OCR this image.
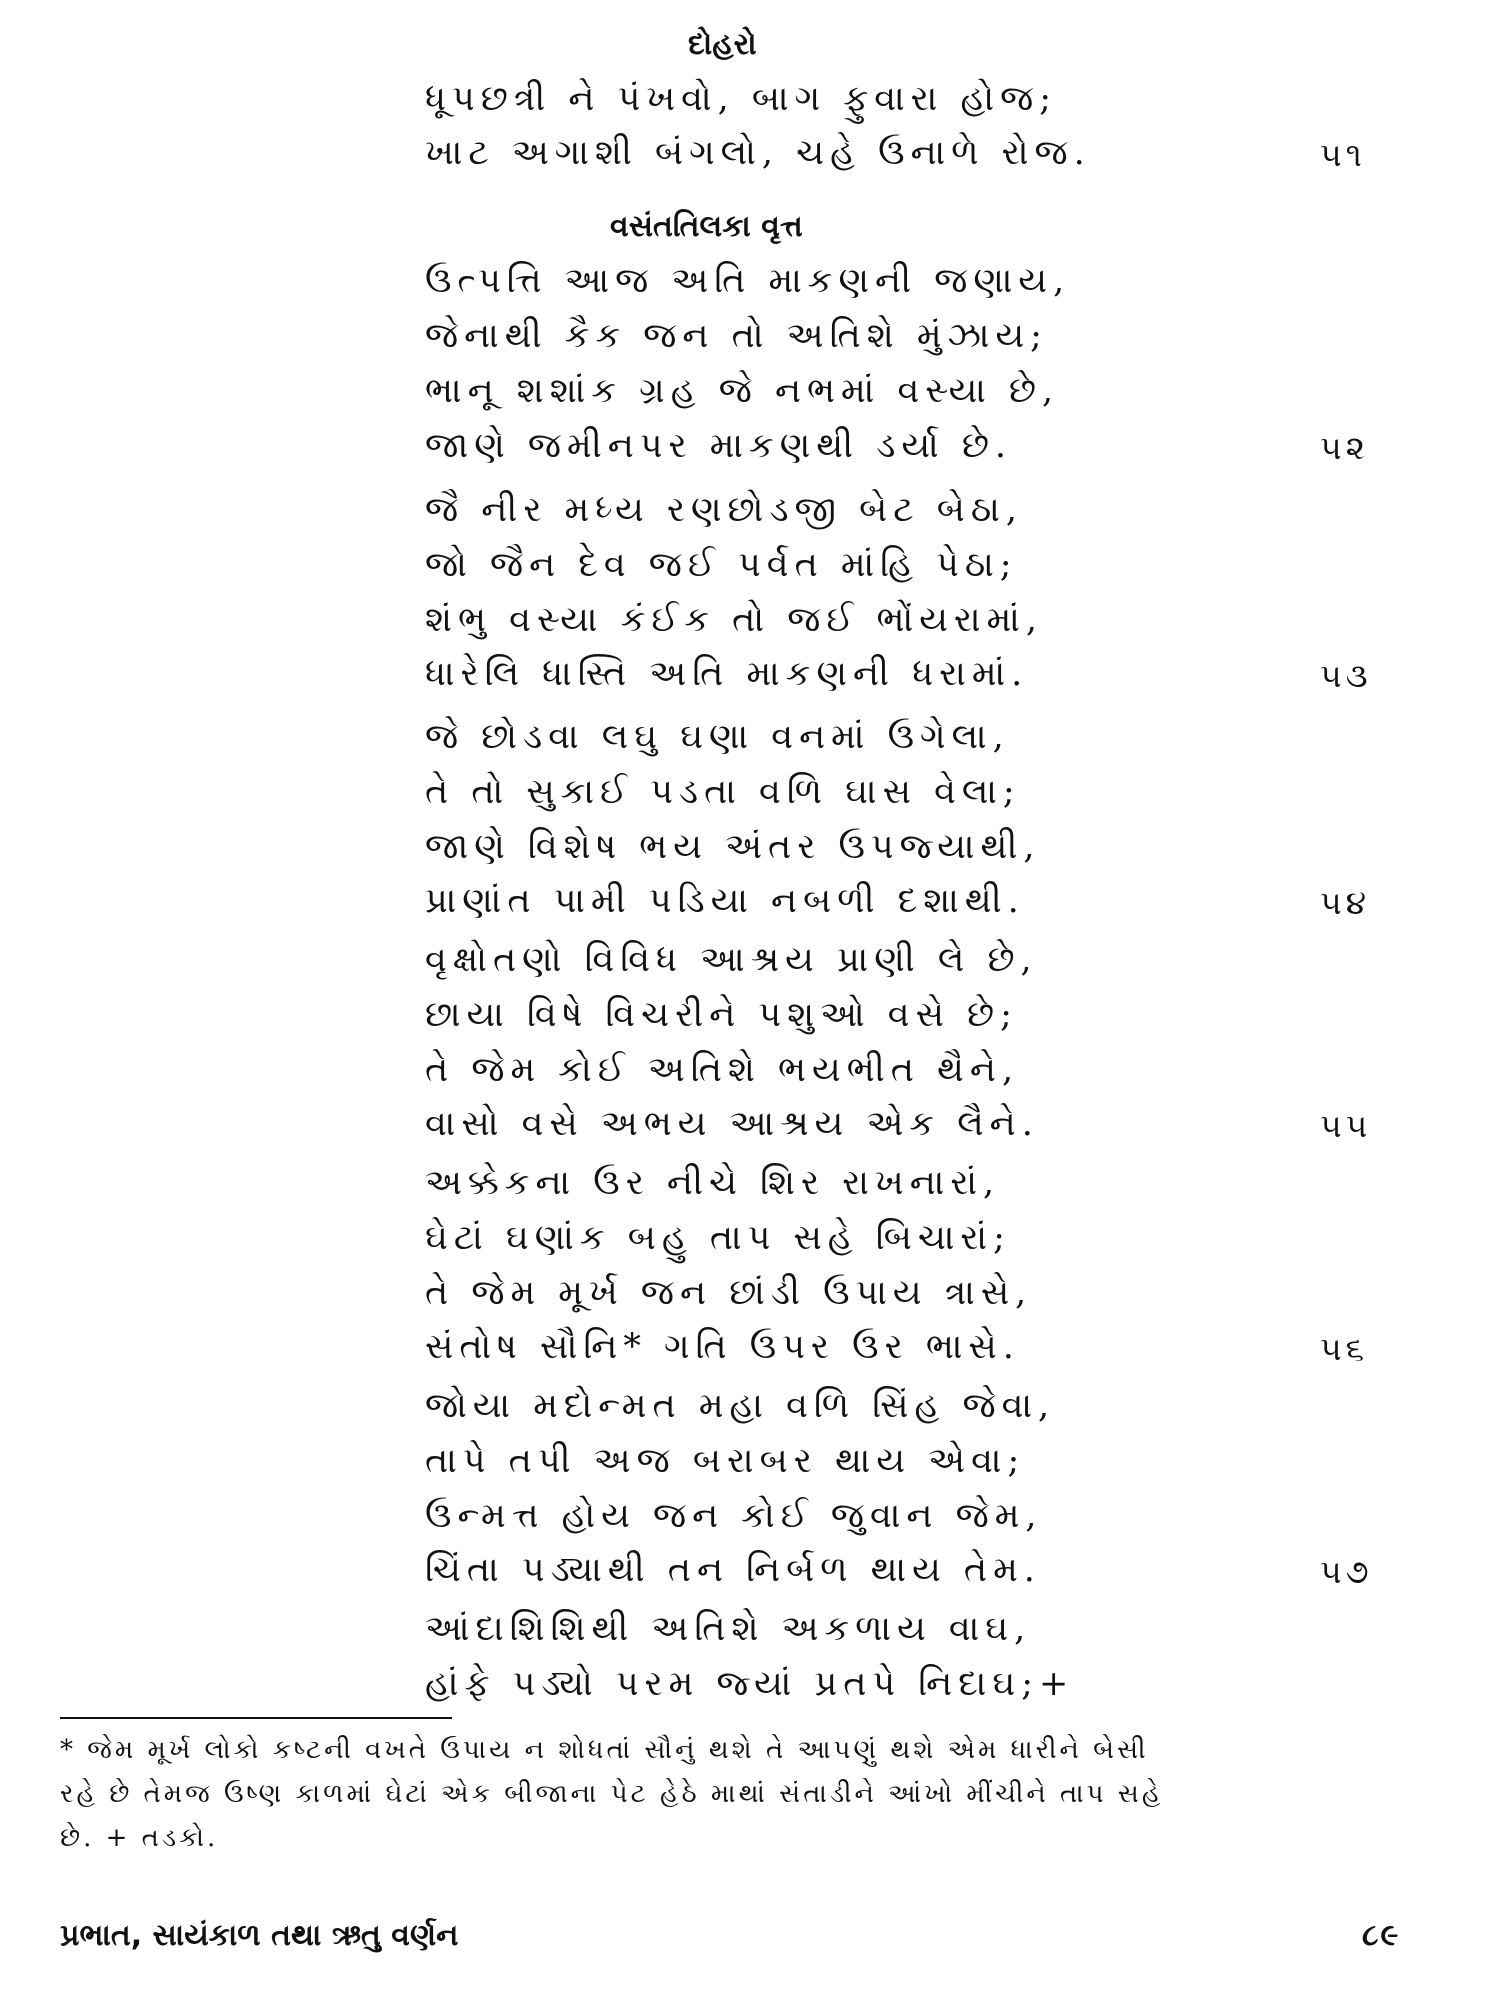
દોહરો
ધૂપછત્રી ને પંખવો, બાગ ફુવારા હોજ;
ખાટ અગાશી બંગલો, ચહે ઉનાળે રોજ.	૫૧
વસંતતિલકા વૃત્ત
ઉત્પત્તિ આજ અતિ માકણની જણાય,
જેનાથી કૈક જન તો અતિશે મુંઝાય;
ભાનૂ શશાંક ગ્રહ જે નભમાં વસ્યા છે,
જાણે જમીનપર માકણથી ડર્યા છે.	૫૨
જૈ નીર મધ્ય રણછોડજી બેટ બેઠા,
જો જૈન દેવ જઈ પર્વત માંહિ પેઠા;
શંભુ વસ્યા કંઈક તો જઈ ભોંયરામાં,
ધારેલિ ધાસ્તિ અતિ માકણની ધરામાં.	૫૩
જે છોડવા લઘુ ઘણા વનમાં ઉગેલા,
તે તો સુકાઈ પડતા વળિ ઘાસ વેલા;
જાણે વિશેષ ભય અંતર ઉપજ્યાથી,
પ્રાણાંત પામી પડિયા નબળી દશાથી.	૫૪
વૃક્ષોતણો વિવિધ આશ્રય પ્રાણી લે છે,
છાયા વિષે વિચરીને પશુઓ વસે છે;
તે જેમ કોઈ અતિશે ભયભીત થૈને,
વાસો વસે અભય આશ્રય એક લૈને.	૫૫
અક્કેકના ઉર નીચે શિર રાખનારાં,
ઘેટાં ઘણાંક બહુ તાપ સહે બિચારાં;
તે જેમ મૂર્ખ જન છાંડી ઉપાય ત્રાસે,
સંતોષ સૌનિ* ગતિ ઉપર ઉર ભાસે.	૫૬
જોયા મદોન્મત મહા વળિ સિંહ જેવા,
તાપે તપી અજ બરાબર થાય એવા;
ઉન્મત્ત હોય જન કોઈ જુવાન જેમ,
ચિંતા પડ્યાથી તન નિર્બળ થાય તેમ.	૫૭
આંદાશિશિથી અતિશે અકળાય વાઘ,
હાંફે પડ્યો પરમ જ્યાં પ્રતપે નિદાઘ;+
* જેમ મૂર્ખ લોકો કષ્ટની વખતે ઉપાય ન શોધતાં સૌનું થશે તે આપણું થશે એમ ધારીને બેસી
રહે છે તેમજ ઉષ્ણ કાળમાં ઘેટાં એક બીજાના પેટ હેઠે માથાં સંતાડીને આંખો મીંચીને તાપ સહે
છે. + તડકો.
પ્રભાત, સાયંકાળ તથા ઋતુ વર્ણન	૮૯
